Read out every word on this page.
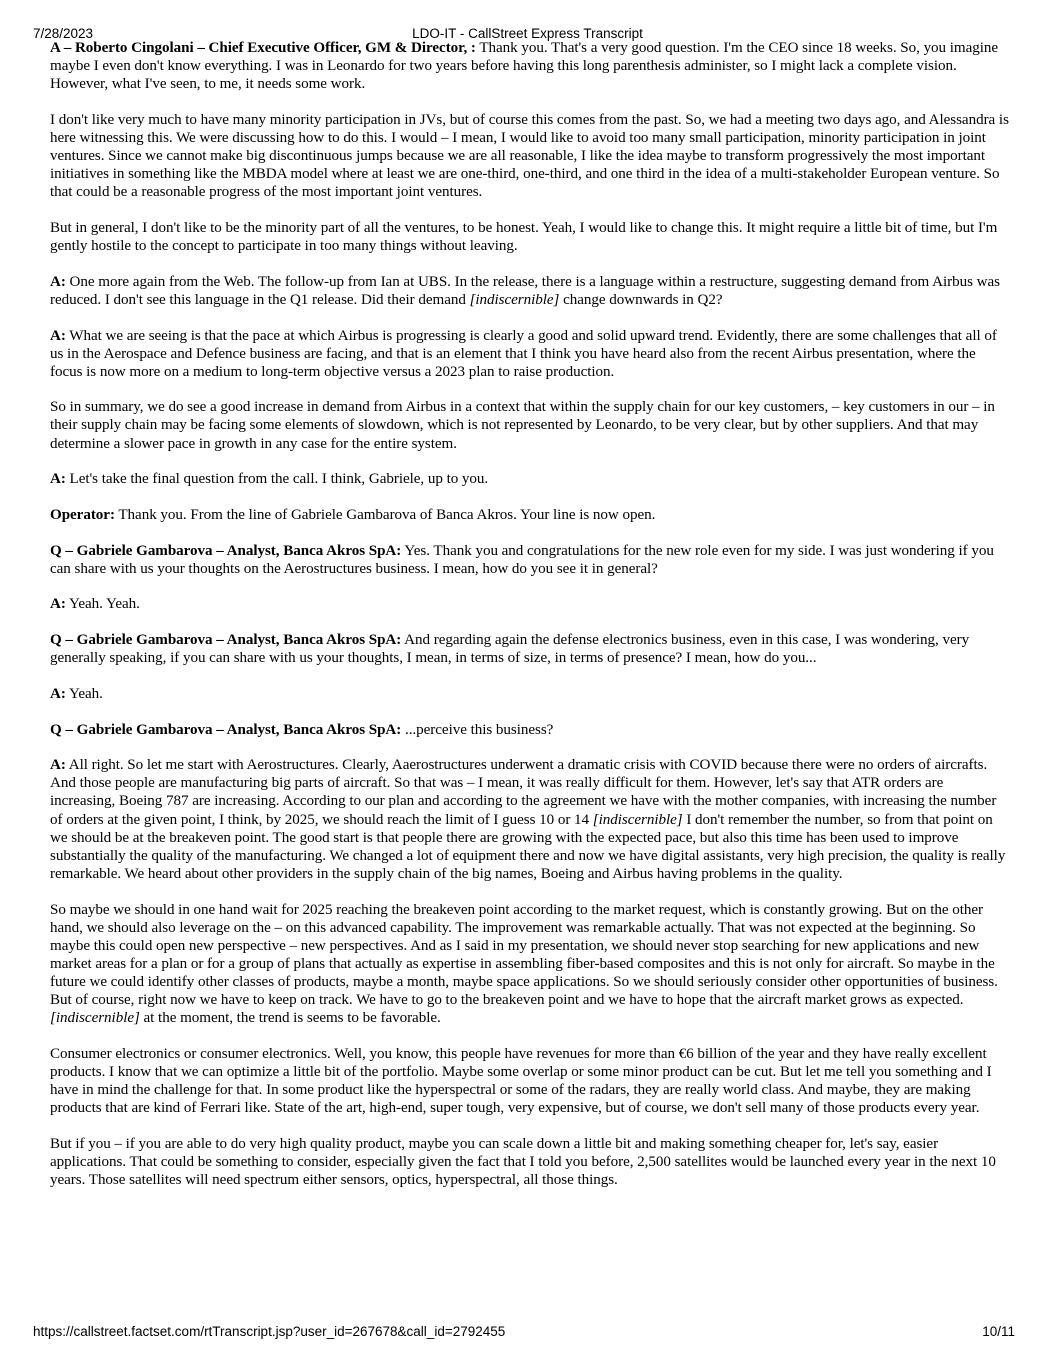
7/28/2023	LDO-IT - CallStreet Express Transcript

A – Roberto Cingolani – Chief Executive Officer, GM & Director, : Thank you. That's a very good question. I'm the CEO since 18 weeks. So, you imagine maybe I even don't know everything. I was in Leonardo for two years before having this long parenthesis administer, so I might lack a complete vision. However, what I've seen, to me, it needs some work.

I don't like very much to have many minority participation in JVs, but of course this comes from the past. So, we had a meeting two days ago, and Alessandra is here witnessing this. We were discussing how to do this. I would – I mean, I would like to avoid too many small participation, minority participation in joint ventures. Since we cannot make big discontinuous jumps because we are all reasonable, I like the idea maybe to transform progressively the most important initiatives in something like the MBDA model where at least we are one-third, one-third, and one third in the idea of a multi-stakeholder European venture. So that could be a reasonable progress of the most important joint ventures.

But in general, I don't like to be the minority part of all the ventures, to be honest. Yeah, I would like to change this. It might require a little bit of time, but I'm gently hostile to the concept to participate in too many things without leaving.

A: One more again from the Web. The follow-up from Ian at UBS. In the release, there is a language within a restructure, suggesting demand from Airbus was reduced. I don't see this language in the Q1 release. Did their demand [indiscernible] change downwards in Q2?

A: What we are seeing is that the pace at which Airbus is progressing is clearly a good and solid upward trend. Evidently, there are some challenges that all of us in the Aerospace and Defence business are facing, and that is an element that I think you have heard also from the recent Airbus presentation, where the focus is now more on a medium to long-term objective versus a 2023 plan to raise production.

So in summary, we do see a good increase in demand from Airbus in a context that within the supply chain for our key customers, – key customers in our – in their supply chain may be facing some elements of slowdown, which is not represented by Leonardo, to be very clear, but by other suppliers. And that may determine a slower pace in growth in any case for the entire system.

A: Let's take the final question from the call. I think, Gabriele, up to you.

Operator: Thank you. From the line of Gabriele Gambarova of Banca Akros. Your line is now open.

Q – Gabriele Gambarova – Analyst, Banca Akros SpA: Yes. Thank you and congratulations for the new role even for my side. I was just wondering if you can share with us your thoughts on the Aerostructures business. I mean, how do you see it in general?

A: Yeah. Yeah.

Q – Gabriele Gambarova – Analyst, Banca Akros SpA: And regarding again the defense electronics business, even in this case, I was wondering, very generally speaking, if you can share with us your thoughts, I mean, in terms of size, in terms of presence? I mean, how do you...

A: Yeah.

Q – Gabriele Gambarova – Analyst, Banca Akros SpA: ...perceive this business?

A: All right. So let me start with Aerostructures. Clearly, Aaerostructures underwent a dramatic crisis with COVID because there were no orders of aircrafts. And those people are manufacturing big parts of aircraft. So that was – I mean, it was really difficult for them. However, let's say that ATR orders are increasing, Boeing 787 are increasing. According to our plan and according to the agreement we have with the mother companies, with increasing the number of orders at the given point, I think, by 2025, we should reach the limit of I guess 10 or 14 [indiscernible] I don't remember the number, so from that point on we should be at the breakeven point. The good start is that people there are growing with the expected pace, but also this time has been used to improve substantially the quality of the manufacturing. We changed a lot of equipment there and now we have digital assistants, very high precision, the quality is really remarkable. We heard about other providers in the supply chain of the big names, Boeing and Airbus having problems in the quality.

So maybe we should in one hand wait for 2025 reaching the breakeven point according to the market request, which is constantly growing. But on the other hand, we should also leverage on the – on this advanced capability. The improvement was remarkable actually. That was not expected at the beginning. So maybe this could open new perspective – new perspectives. And as I said in my presentation, we should never stop searching for new applications and new market areas for a plan or for a group of plans that actually as expertise in assembling fiber-based composites and this is not only for aircraft. So maybe in the future we could identify other classes of products, maybe a month, maybe space applications. So we should seriously consider other opportunities of business. But of course, right now we have to keep on track. We have to go to the breakeven point and we have to hope that the aircraft market grows as expected. [indiscernible] at the moment, the trend is seems to be favorable.

Consumer electronics or consumer electronics. Well, you know, this people have revenues for more than €6 billion of the year and they have really excellent products. I know that we can optimize a little bit of the portfolio. Maybe some overlap or some minor product can be cut. But let me tell you something and I have in mind the challenge for that. In some product like the hyperspectral or some of the radars, they are really world class. And maybe, they are making products that are kind of Ferrari like. State of the art, high-end, super tough, very expensive, but of course, we don't sell many of those products every year.

But if you – if you are able to do very high quality product, maybe you can scale down a little bit and making something cheaper for, let's say, easier applications. That could be something to consider, especially given the fact that I told you before, 2,500 satellites would be launched every year in the next 10 years. Those satellites will need spectrum either sensors, optics, hyperspectral, all those things.

https://callstreet.factset.com/rtTranscript.jsp?user_id=267678&call_id=2792455	10/11
